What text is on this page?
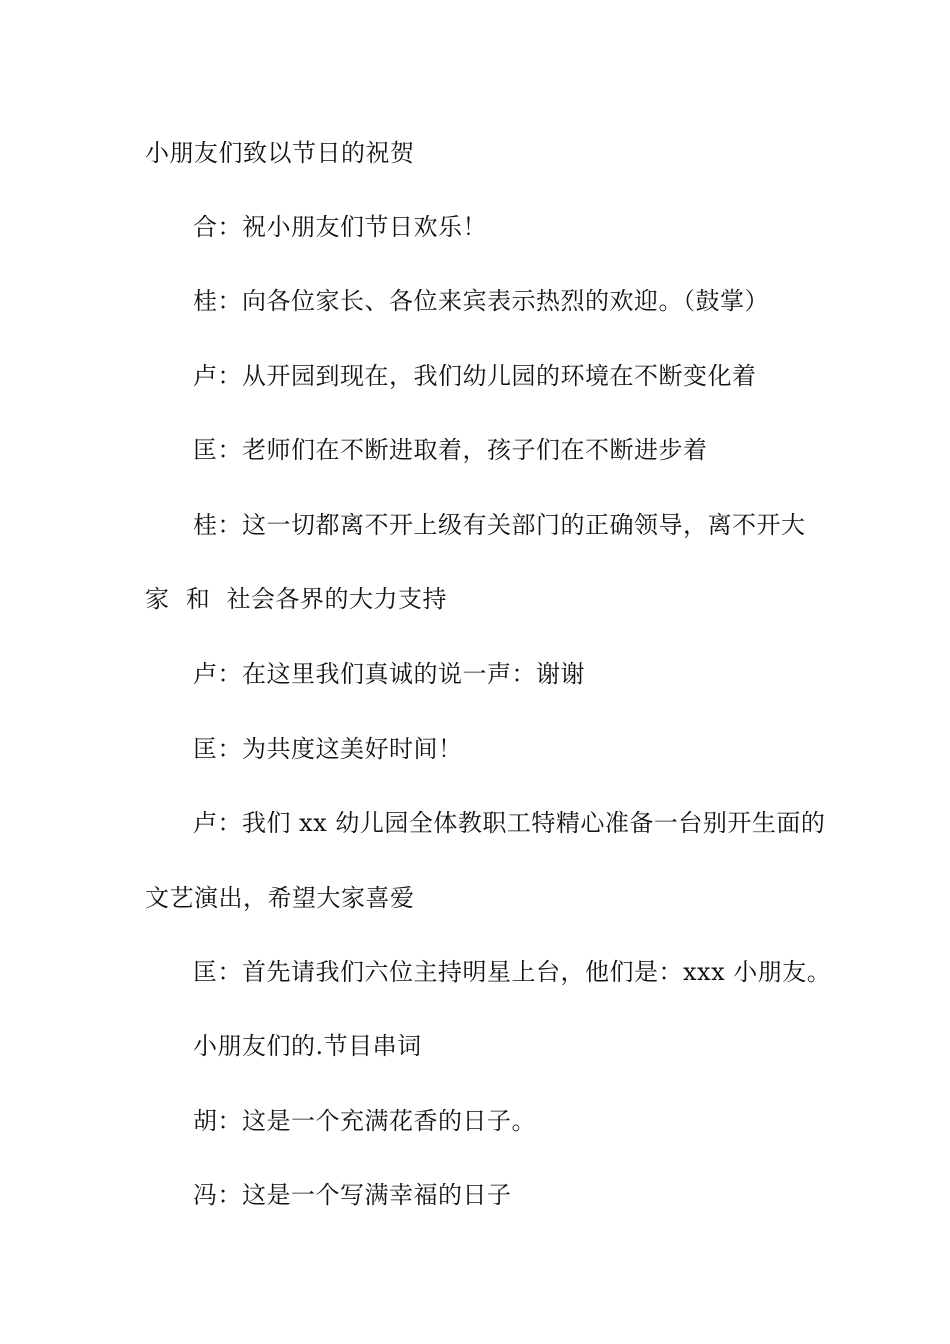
小朋友们致以节日的祝贺
合：祝小朋友们节日欢乐！
桂：向各位家长、各位来宾表示热烈的欢迎。（鼓掌）
卢：从开园到现在，我们幼儿园的环境在不断变化着
匡：老师们在不断进取着，孩子们在不断进步着
桂：这一切都离不开上级有关部门的正确领导，离不开大
家  和  社会各界的大力支持
卢：在这里我们真诚的说一声：谢谢
匡：为共度这美好时间！
卢：我们 xx 幼儿园全体教职工特精心准备一台别开生面的
文艺演出，希望大家喜爱
匡：首先请我们六位主持明星上台，他们是：xxx 小朋友。
小朋友们的.节目串词
胡：这是一个充满花香的日子。
冯：这是一个写满幸福的日子
